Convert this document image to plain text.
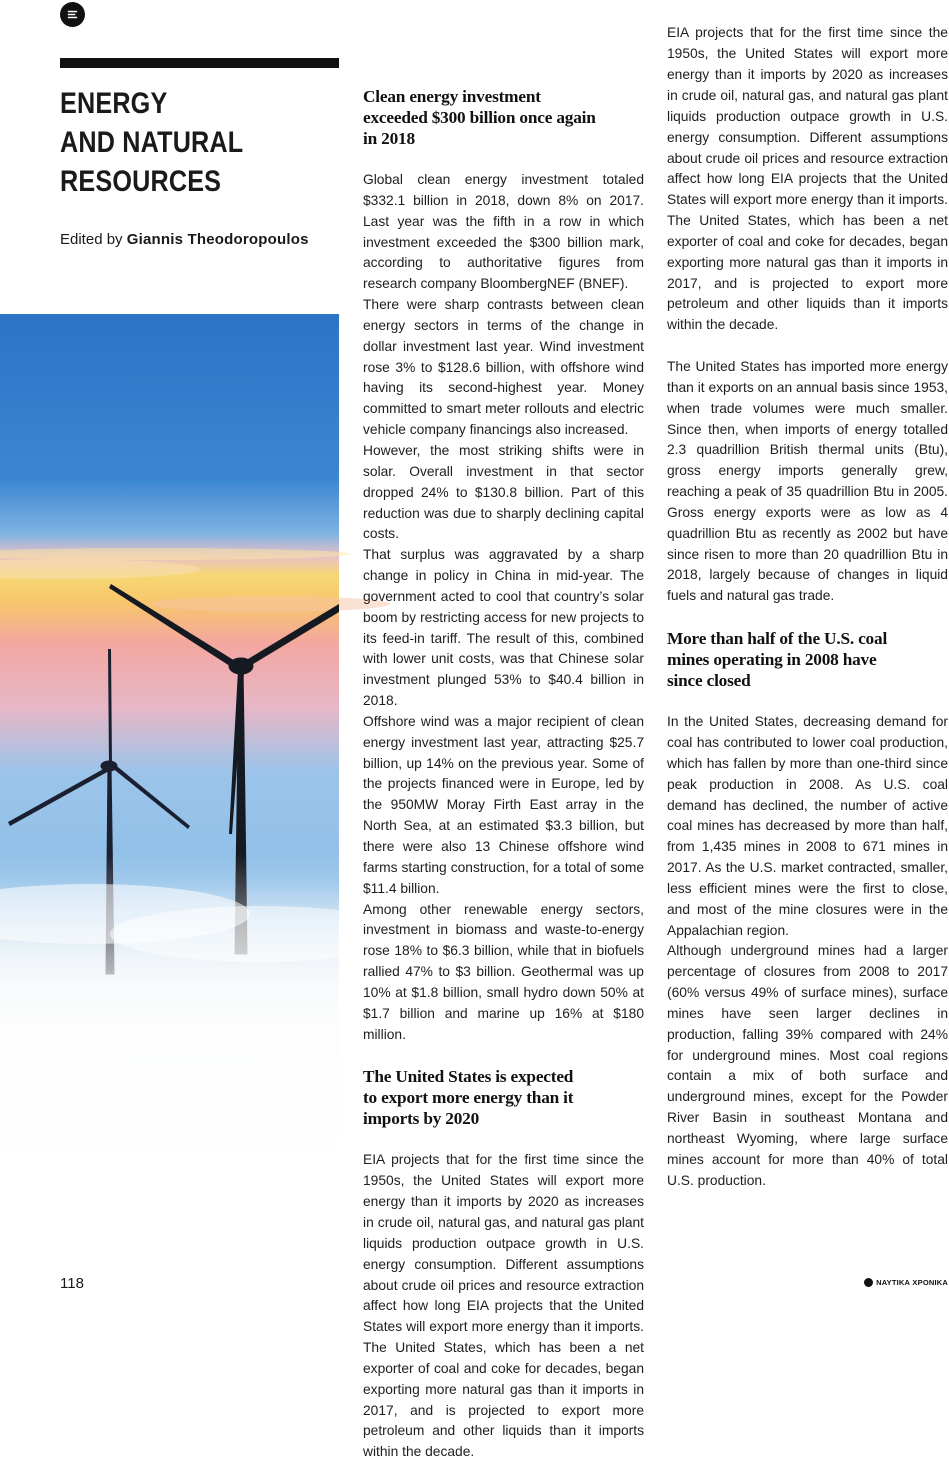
ENERGY
AND NATURAL
RESOURCES
Edited by Giannis Theodoropoulos
Clean energy investment
exceeded $300 billion once again
in 2018

Global clean energy investment totaled $332.1 billion in 2018, down 8% on 2017. Last year was the fifth in a row in which investment exceeded the $300 billion mark, according to authoritative figures from research company BloombergNEF (BNEF).

There were sharp contrasts between clean energy sectors in terms of the change in dollar investment last year. Wind investment rose 3% to $128.6 billion, with offshore wind having its second-highest year. Money committed to smart meter rollouts and electric vehicle company financings also increased.

However, the most striking shifts were in solar. Overall investment in that sector dropped 24% to $130.8 billion. Part of this reduction was due to sharply declining capital costs.

That surplus was aggravated by a sharp change in policy in China in mid-year. The government acted to cool that country’s solar boom by restricting access for new projects to its feed-in tariff. The result of this, combined with lower unit costs, was that Chinese solar investment plunged 53% to $40.4 billion in 2018.

Offshore wind was a major recipient of clean energy investment last year, attracting $25.7 billion, up 14% on the previous year. Some of the projects financed were in Europe, led by the 950MW Moray Firth East array in the North Sea, at an estimated $3.3 billion, but there were also 13 Chinese offshore wind farms starting construction, for a total of some $11.4 billion.

Among other renewable energy sectors, investment in biomass and waste-to-energy rose 18% to $6.3 billion, while that in biofuels rallied 47% to $3 billion. Geothermal was up 10% at $1.8 billion, small hydro down 50% at $1.7 billion and marine up 16% at $180 million.

The United States is expected
to export more energy than it
imports by 2020

EIA projects that for the first time since the 1950s, the United States will export more energy than it imports by 2020 as increases in crude oil, natural gas, and natural gas plant liquids production outpace growth in U.S. energy consumption. Different assumptions about crude oil prices and resource extraction affect how long EIA projects that the United States will export more energy than it imports. The United States, which has been a net exporter of coal and coke for decades, began exporting more natural gas than it imports in 2017, and is projected to export more petroleum and other liquids than it imports within the decade.

EIA projects that for the first time since the 1950s, the United States will export more energy than it imports by 2020 as increases in crude oil, natural gas, and natural gas plant liquids production outpace growth in U.S. energy consumption. Different assumptions about crude oil prices and resource extraction affect how long EIA projects that the United States will export more energy than it imports. The United States, which has been a net exporter of coal and coke for decades, began exporting more natural gas than it imports in 2017, and is projected to export more petroleum and other liquids than it imports within the decade.

The United States has imported more energy than it exports on an annual basis since 1953, when trade volumes were much smaller. Since then, when imports of energy totalled 2.3 quadrillion British thermal units (Btu), gross energy imports generally grew, reaching a peak of 35 quadrillion Btu in 2005. Gross energy exports were as low as 4 quadrillion Btu as recently as 2002 but have since risen to more than 20 quadrillion Btu in 2018, largely because of changes in liquid fuels and natural gas trade.

More than half of the U.S. coal
mines operating in 2008 have
since closed

In the United States, decreasing demand for coal has contributed to lower coal production, which has fallen by more than one-third since peak production in 2008. As U.S. coal demand has declined, the number of active coal mines has decreased by more than half, from 1,435 mines in 2008 to 671 mines in 2017. As the U.S. market contracted, smaller, less efficient mines were the first to close, and most of the mine closures were in the Appalachian region.

Although underground mines had a larger percentage of closures from 2008 to 2017 (60% versus 49% of surface mines), surface mines have seen larger declines in production, falling 39% compared with 24% for underground mines. Most coal regions contain a mix of both surface and underground mines, except for the Powder River Basin in southeast Montana and northeast Wyoming, where large surface mines account for more than 40% of total U.S. production.

118	ΝΑΥΤΙΚΑ ΧΡΟΝΙΚΑ
